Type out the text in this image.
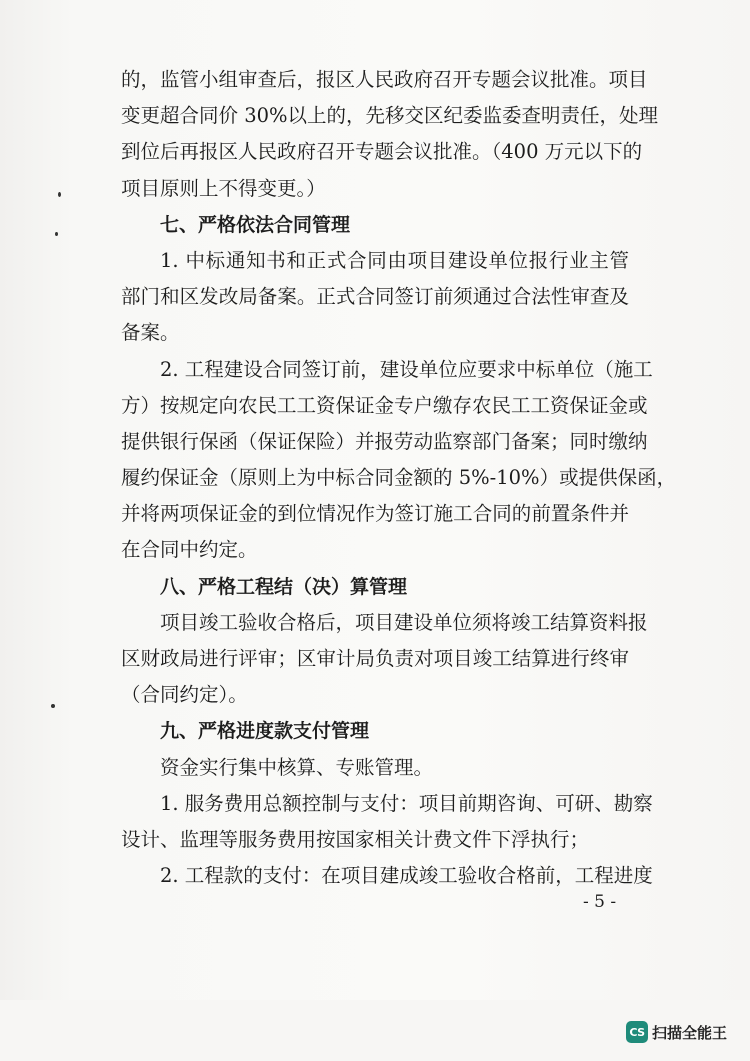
的，监管小组审查后，报区人民政府召开专题会议批准。项目
变更超合同价 30%以上的，先移交区纪委监委查明责任，处理
到位后再报区人民政府召开专题会议批准。（400 万元以下的
项目原则上不得变更。）
七、严格依法合同管理
1. 中标通知书和正式合同由项目建设单位报行业主管
部门和区发改局备案。正式合同签订前须通过合法性审查及
备案。
2. 工程建设合同签订前，建设单位应要求中标单位（施工
方）按规定向农民工工资保证金专户缴存农民工工资保证金或
提供银行保函（保证保险）并报劳动监察部门备案；同时缴纳
履约保证金（原则上为中标合同金额的 5%-10%）或提供保函，
并将两项保证金的到位情况作为签订施工合同的前置条件并
在合同中约定。
八、严格工程结（决）算管理
项目竣工验收合格后，项目建设单位须将竣工结算资料报
区财政局进行评审；区审计局负责对项目竣工结算进行终审
（合同约定）。
九、严格进度款支付管理
资金实行集中核算、专账管理。
1. 服务费用总额控制与支付：项目前期咨询、可研、勘察
设计、监理等服务费用按国家相关计费文件下浮执行；
2. 工程款的支付：在项目建成竣工验收合格前，工程进度
- 5 -
CS 扫描全能王
